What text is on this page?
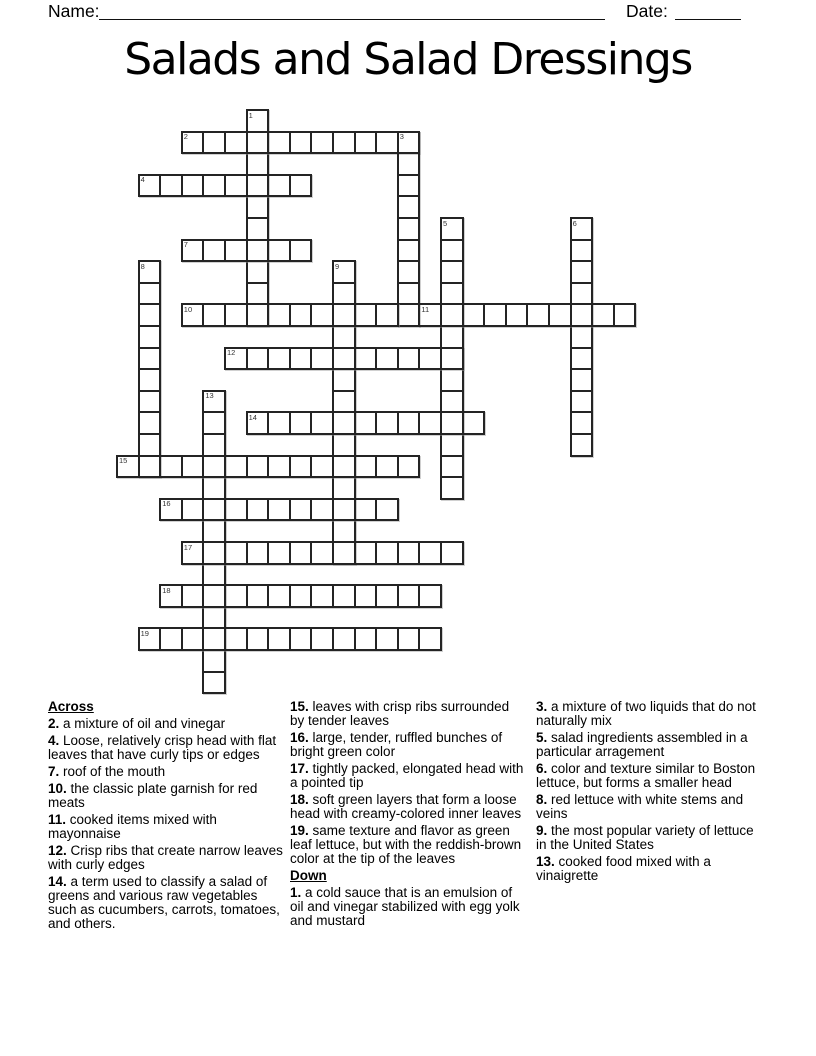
Name:	Date:
Salads and Salad Dressings
1
2	3
4
5	6
7
8	9
10	11
12
13
14
15
16
17
18
19

Across

2. a mixture of oil and vinegar

4. Loose, relatively crisp head with flat leaves that have curly tips or edges

7. roof of the mouth

10. the classic plate garnish for red meats

11. cooked items mixed with mayonnaise

12. Crisp ribs that create narrow leaves with curly edges

14. a term used to classify a salad of greens and various raw vegetables such as cucumbers, carrots, tomatoes, and others.

15. leaves with crisp ribs surrounded by tender leaves

16. large, tender, ruffled bunches of bright green color

17. tightly packed, elongated head with a pointed tip

18. soft green layers that form a loose head with creamy-colored inner leaves

19. same texture and flavor as green leaf lettuce, but with the reddish-brown color at the tip of the leaves

Down

1. a cold sauce that is an emulsion of oil and vinegar stabilized with egg yolk and mustard

3. a mixture of two liquids that do not naturally mix

5. salad ingredients assembled in a particular arragement

6. color and texture similar to Boston lettuce, but forms a smaller head

8. red lettuce with white stems and veins

9. the most popular variety of lettuce in the United States

13. cooked food mixed with a vinaigrette
